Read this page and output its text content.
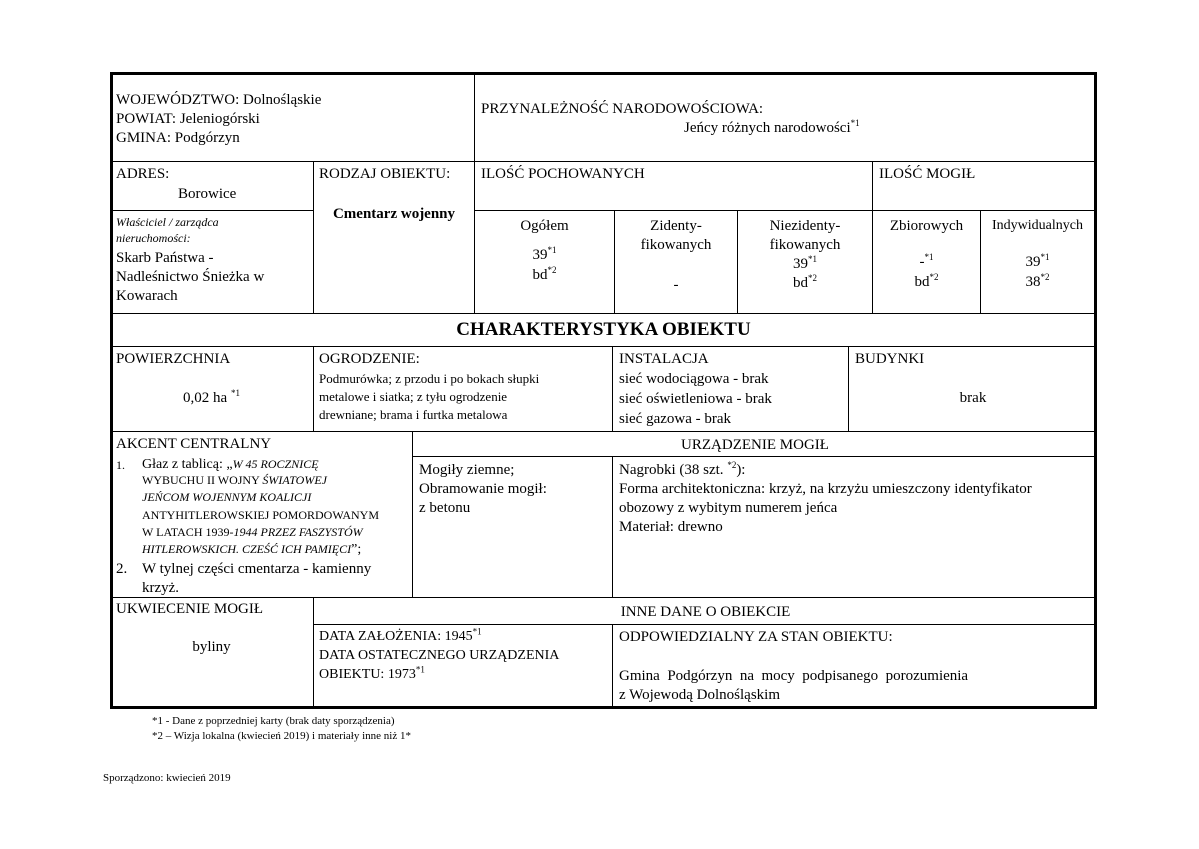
WOJEWÓDZTWO: Dolnośląskie
POWIAT: Jeleniogórski
GMINA: Podgórzyn
PRZYNALEŻNOŚĆ NARODOWOŚCIOWA:
Jeńcy różnych narodowości$^{*1}$
ADRES:
Borowice
Właściciel / zarządca
nieruchomości:
Skarb Państwa -
Nadleśnictwo Śnieżka w
Kowarach
RODZAJ OBIEKTU:
Cmentarz wojenny
ILOŚĆ POCHOWANYCH
Ogółem
39$^{*1}$
$bd^{*2}$
Zidenty-
fikowanych
-
Niezidenty-
fikowanych
39$^{*1}$
$bd^{*2}$
ILOŚĆ MOGIŁ
Zbiorowych
-$^{*1}$
$bd^{*2}$
Indywidualnych
39$^{*1}$
38$^{*2}$
CHARAKTERYSTYKA OBIEKTU
POWIERZCHNIA
0,02 ha $^{*1}$
OGRODZENIE:
Podmurówka; z przodu i po bokach słupki
metalowe i siatka; z tyłu ogrodzenie
drewniane; brama i furtka metalowa
INSTALACJA
sieć wodociągowa - brak
sieć oświetleniowa - brak
sieć gazowa - brak
BUDYNKI
brak
AKCENT CENTRALNY
1. Głaz z tablicą: „W 45 ROCZNICĘ
WYBUCHU II WOJNY ŚWIATOWEJ
JEŃCOM WOJENNYM KOALICJI
ANTYHITLEROWSKIEJ POMORDOWANYM
W LATACH 1939-1944 PRZEZ FASZYSTÓW
HITLEROWSKICH. CZEŚĆ ICH PAMIĘCI”;
2. W tylnej części cmentarza - kamienny
krzyż.
URZĄDZENIE MOGIŁ
Mogiły ziemne;
Obramowanie mogił:
z betonu
Nagrobki (38 szt. $^{*2}$):
Forma architektoniczna: krzyż, na krzyżu umieszczony identyfikator
obozowy z wybitym numerem jeńca
Materiał: drewno
UKWIECENIE MOGIŁ
byliny
INNE DANE O OBIEKCIE
DATA ZAŁOŻENIA: 1945$^{*1}$
DATA OSTATECZNEGO URZĄDZENIA
OBIEKTU: 1973$^{*1}$
ODPOWIEDZIALNY ZA STAN OBIEKTU:
Gmina  Podgórzyn  na  mocy  podpisanego  porozumienia
z Wojewodą Dolnośląskim
*1 - Dane z poprzedniej karty (brak daty sporządzenia)
*2 – Wizja lokalna (kwiecień 2019) i materiały inne niż 1*
Sporządzono: kwiecień 2019
